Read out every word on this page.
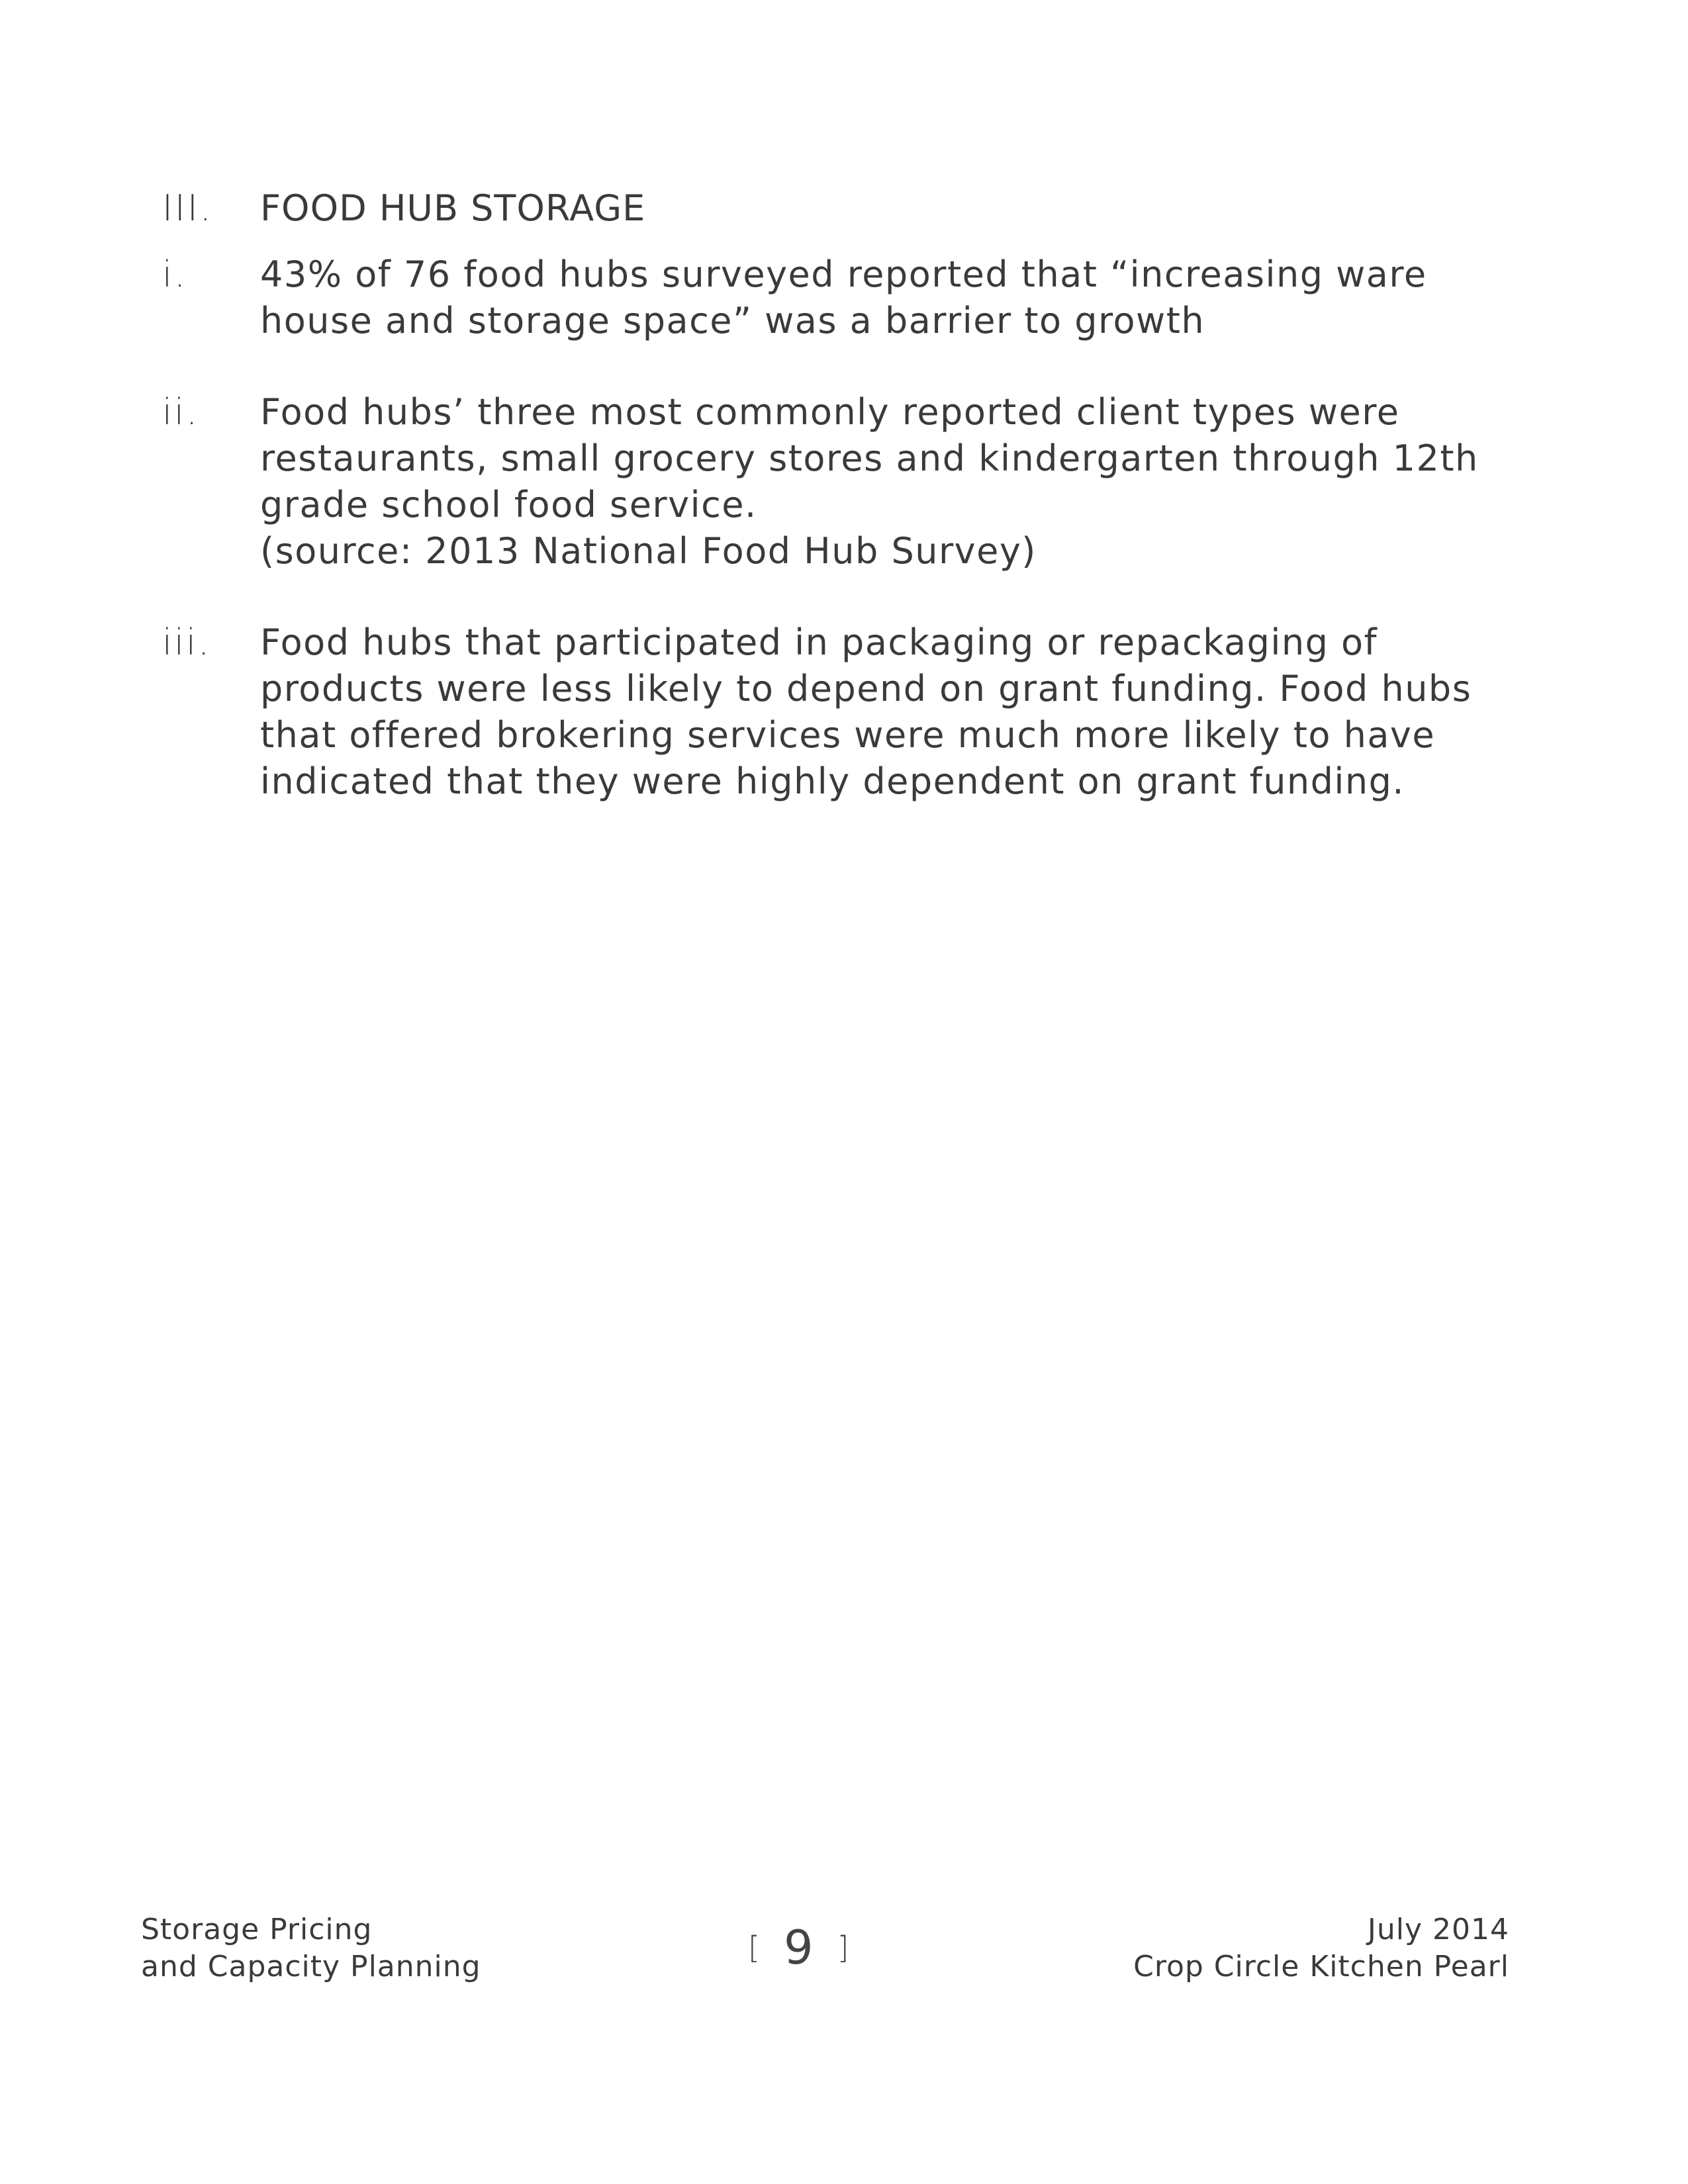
III.	FOOD HUB STORAGE
i.	43% of 76 food hubs surveyed reported that “increasing ware
house and storage space” was a barrier to growth
ii.	Food hubs’ three most commonly reported client types were
restaurants, small grocery stores and kindergarten through 12th
grade school food service.
(source: 2013 National Food Hub Survey)
iii.	Food hubs that participated in packaging or repackaging of
products were less likely to depend on grant funding. Food hubs
that offered brokering services were much more likely to have
indicated that they were highly dependent on grant funding.
Storage Pricing
and Capacity Planning
[ 9 ]
July 2014
Crop Circle Kitchen Pearl
